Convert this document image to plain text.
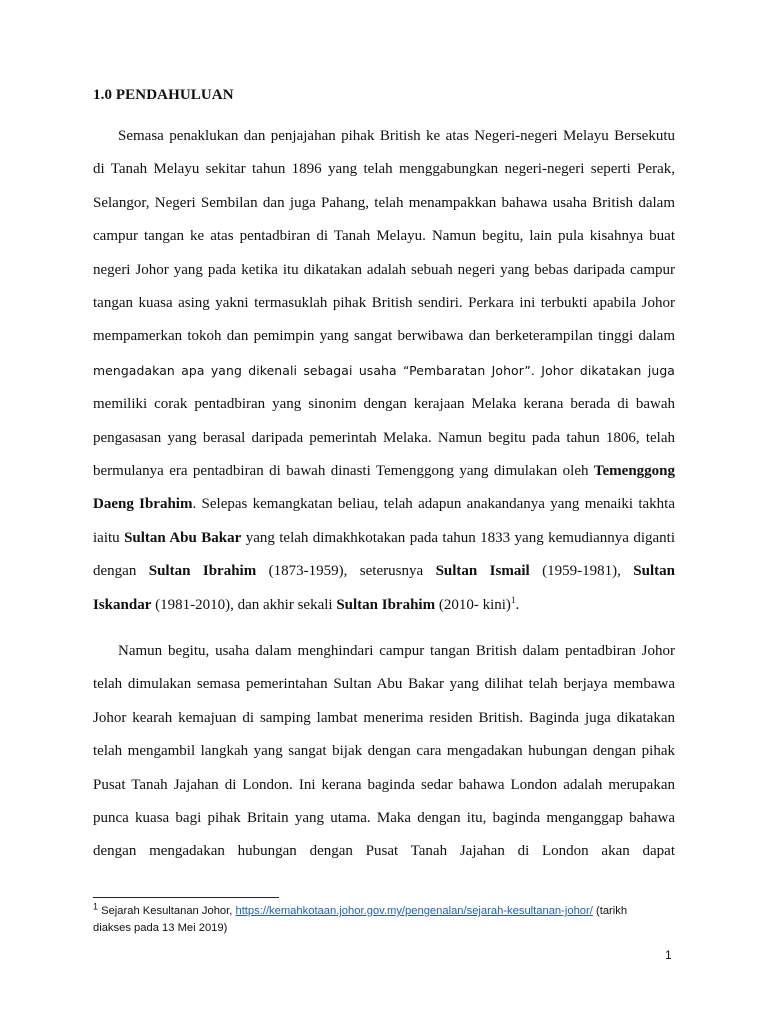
1.0 PENDAHULUAN
Semasa penaklukan dan penjajahan pihak British ke atas Negeri-negeri Melayu Bersekutu
di Tanah Melayu sekitar tahun 1896 yang telah menggabungkan negeri-negeri seperti Perak,
Selangor, Negeri Sembilan dan juga Pahang, telah menampakkan bahawa usaha British dalam
campur tangan ke atas pentadbiran di Tanah Melayu. Namun begitu, lain pula kisahnya buat
negeri Johor yang pada ketika itu dikatakan adalah sebuah negeri yang bebas daripada campur
tangan kuasa asing yakni termasuklah pihak British sendiri. Perkara ini terbukti apabila Johor
mempamerkan tokoh dan pemimpin yang sangat berwibawa dan berketerampilan tinggi dalam
mengadakan apa yang dikenali sebagai usaha “Pembaratan Johor”. Johor dikatakan juga
memiliki corak pentadbiran yang sinonim dengan kerajaan Melaka kerana berada di bawah
pengasasan yang berasal daripada pemerintah Melaka. Namun begitu pada tahun 1806, telah
bermulanya era pentadbiran di bawah dinasti Temenggong yang dimulakan oleh Temenggong
Daeng Ibrahim. Selepas kemangkatan beliau, telah adapun anakandanya yang menaiki takhta
iaitu Sultan Abu Bakar yang telah dimakhkotakan pada tahun 1833 yang kemudiannya diganti
dengan Sultan Ibrahim (1873-1959), seterusnya Sultan Ismail (1959-1981), Sultan
Iskandar (1981-2010), dan akhir sekali Sultan Ibrahim (2010- kini)$^1$.
Namun begitu, usaha dalam menghindari campur tangan British dalam pentadbiran Johor
telah dimulakan semasa pemerintahan Sultan Abu Bakar yang dilihat telah berjaya membawa
Johor kearah kemajuan di samping lambat menerima residen British. Baginda juga dikatakan
telah mengambil langkah yang sangat bijak dengan cara mengadakan hubungan dengan pihak
Pusat Tanah Jajahan di London. Ini kerana baginda sedar bahawa London adalah merupakan
punca kuasa bagi pihak Britain yang utama. Maka dengan itu, baginda menganggap bahawa
dengan mengadakan hubungan dengan Pusat Tanah Jajahan di London akan dapat
$^1$ Sejarah Kesultanan Johor, https://kemahkotaan.johor.gov.my/pengenalan/sejarah-kesultanan-johor/ (tarikh
diakses pada 13 Mei 2019)
1
